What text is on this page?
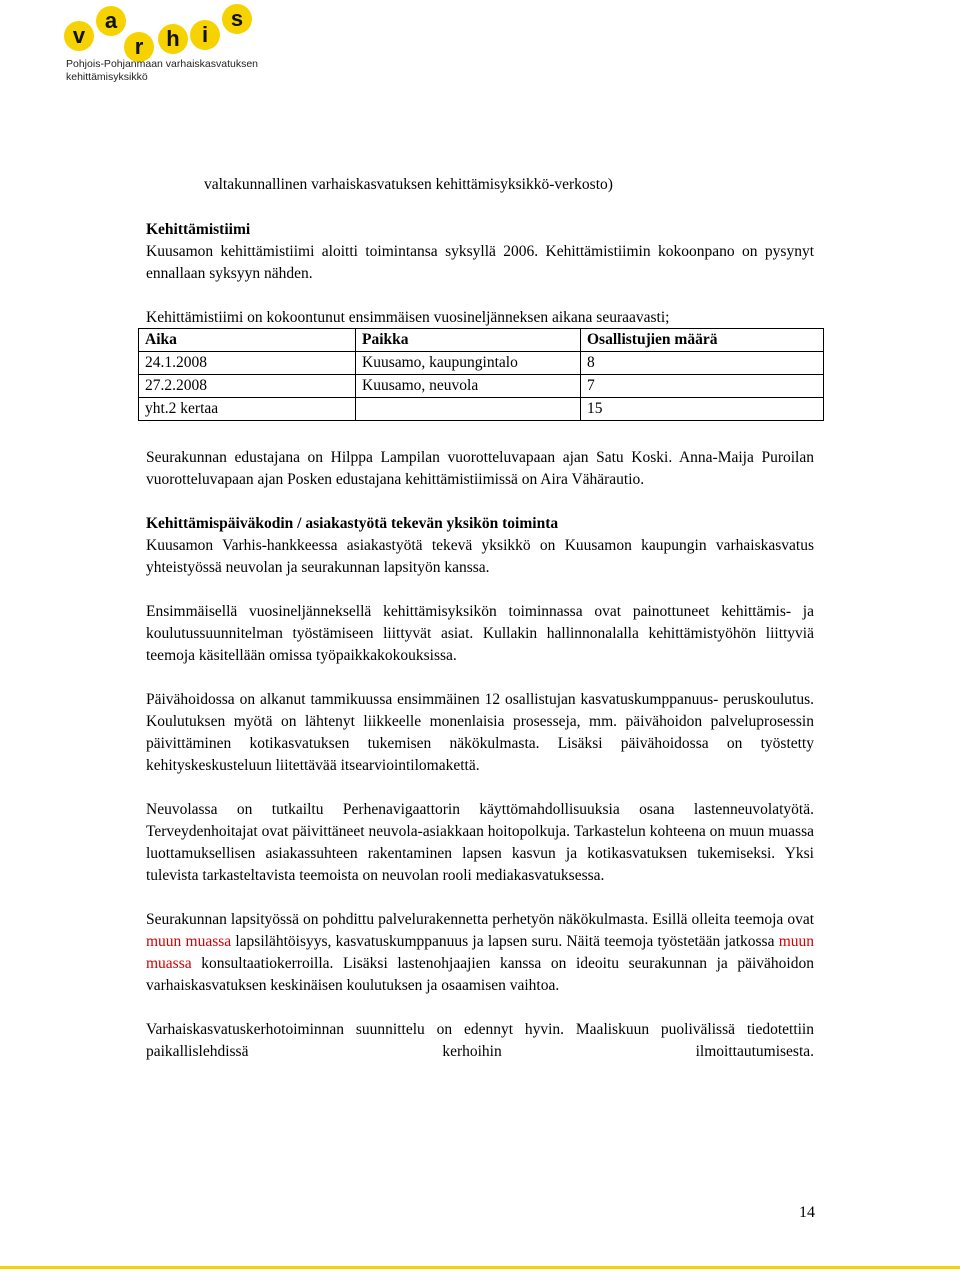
v
a
r	h	i
s
Pohjois-Pohjanmaan varhaiskasvatuksen
kehittämisyksikkö
valtakunnallinen varhaiskasvatuksen kehittämisyksikkö-verkosto)

Kehittämistiimi

Kuusamon kehittämistiimi aloitti toimintansa syksyllä 2006. Kehittämistiimin kokoonpano on pysynyt ennallaan syksyyn nähden.

Kehittämistiimi on kokoontunut ensimmäisen vuosineljänneksen aikana seuraavasti;

Aika	Paikka	Osallistujien määrä
24.1.2008	Kuusamo, kaupungintalo	8
27.2.2008	Kuusamo, neuvola	7
yht.2 kertaa		15

Seurakunnan edustajana on Hilppa Lampilan vuorotteluvapaan ajan Satu Koski. Anna-Maija Puroilan vuorotteluvapaan ajan Posken edustajana kehittämistiimissä on Aira Vähärautio.

Kehittämispäiväkodin / asiakastyötä tekevän yksikön toiminta

Kuusamon Varhis-hankkeessa asiakastyötä tekevä yksikkö on Kuusamon kaupungin varhaiskasvatus yhteistyössä neuvolan ja seurakunnan lapsityön kanssa.

Ensimmäisellä vuosineljänneksellä kehittämisyksikön toiminnassa ovat painottuneet kehittämis- ja koulutussuunnitelman työstämiseen liittyvät asiat. Kullakin hallinnonalalla kehittämistyöhön liittyviä teemoja käsitellään omissa työpaikkakokouksissa.

Päivähoidossa on alkanut tammikuussa ensimmäinen 12 osallistujan kasvatuskumppanuus- peruskoulutus. Koulutuksen myötä on lähtenyt liikkeelle monenlaisia prosesseja, mm. päivähoidon palveluprosessin päivittäminen kotikasvatuksen tukemisen näkökulmasta. Lisäksi päivähoidossa on työstetty kehityskeskusteluun liitettävää itsearviointilomakettä.

Neuvolassa on tutkailtu Perhenavigaattorin käyttömahdollisuuksia osana lastenneuvolatyötä. Terveydenhoitajat ovat päivittäneet neuvola-asiakkaan hoitopolkuja. Tarkastelun kohteena on muun muassa luottamuksellisen asiakassuhteen rakentaminen lapsen kasvun ja kotikasvatuksen tukemiseksi. Yksi tulevista tarkasteltavista teemoista on neuvolan rooli mediakasvatuksessa.

Seurakunnan lapsityössä on pohdittu palvelurakennetta perhetyön näkökulmasta. Esillä olleita teemoja ovat muun muassa lapsilähtöisyys, kasvatuskumppanuus ja lapsen suru. Näitä teemoja työstetään jatkossa muun muassa konsultaatiokerroilla. Lisäksi lastenohjaajien kanssa on ideoitu seurakunnan ja päivähoidon varhaiskasvatuksen keskinäisen koulutuksen ja osaamisen vaihtoa.

Varhaiskasvatuskerhotoiminnan suunnittelu on edennyt hyvin. Maaliskuun puolivälissä tiedotettiin paikallislehdissä kerhoihin ilmoittautumisesta.

14
